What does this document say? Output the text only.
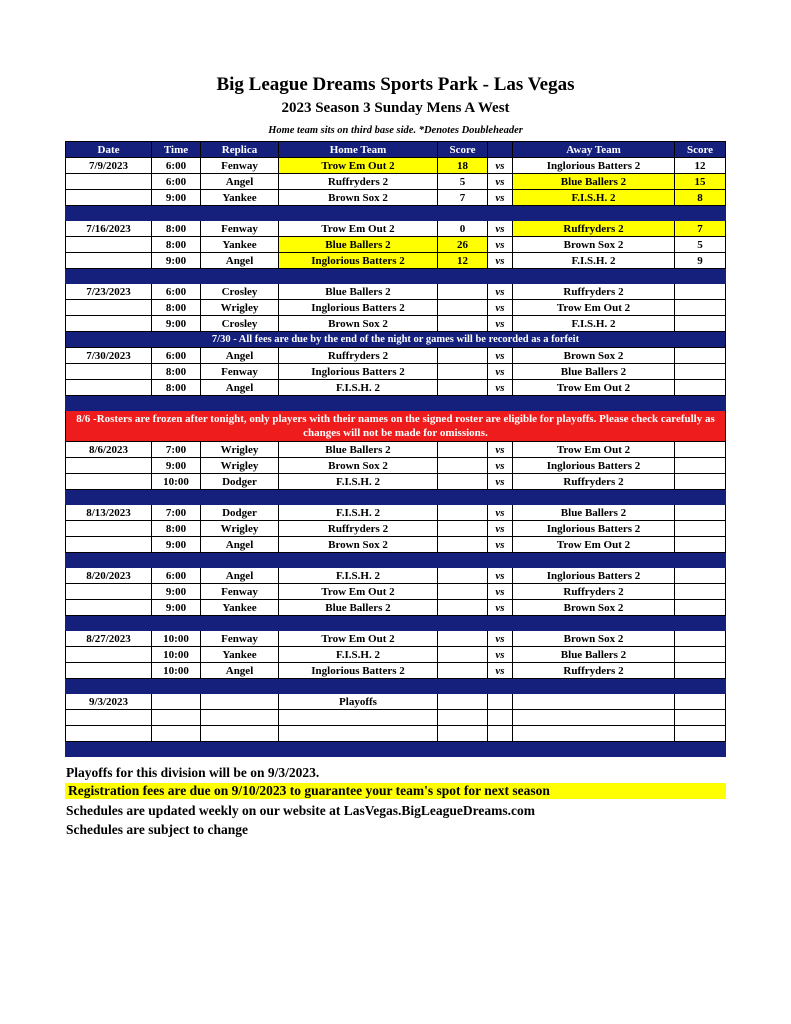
Big League Dreams Sports Park - Las Vegas
2023 Season 3 Sunday Mens A West
Home team sits on third base side. *Denotes Doubleheader
Date	Time	Replica	Home Team	Score		Away Team	Score
7/9/2023	6:00	Fenway	Trow Em Out 2	18	vs	Inglorious Batters 2	12
	6:00	Angel	Ruffryders 2	5	vs	Blue Ballers 2	15
	9:00	Yankee	Brown Sox 2	7	vs	F.I.S.H. 2	8

7/16/2023	8:00	Fenway	Trow Em Out 2	0	vs	Ruffryders 2	7
	8:00	Yankee	Blue Ballers 2	26	vs	Brown Sox 2	5
	9:00	Angel	Inglorious Batters 2	12	vs	F.I.S.H. 2	9

7/23/2023	6:00	Crosley	Blue Ballers 2		vs	Ruffryders 2	
	8:00	Wrigley	Inglorious Batters 2		vs	Trow Em Out 2	
	9:00	Crosley	Brown Sox 2		vs	F.I.S.H. 2	
7/30 - All fees are due by the end of the night or games will be recorded as a forfeit							
7/30/2023	6:00	Angel	Ruffryders 2		vs	Brown Sox 2	
	8:00	Fenway	Inglorious Batters 2		vs	Blue Ballers 2	
	8:00	Angel	F.I.S.H. 2		vs	Trow Em Out 2	

8/6 -Rosters are frozen after tonight, only players with their names on the signed roster are eligible for playoffs. Please check carefully as changes will not be made for omissions.							
8/6/2023	7:00	Wrigley	Blue Ballers 2		vs	Trow Em Out 2	
	9:00	Wrigley	Brown Sox 2		vs	Inglorious Batters 2	
	10:00	Dodger	F.I.S.H. 2		vs	Ruffryders 2	

8/13/2023	7:00	Dodger	F.I.S.H. 2		vs	Blue Ballers 2	
	8:00	Wrigley	Ruffryders 2		vs	Inglorious Batters 2	
	9:00	Angel	Brown Sox 2		vs	Trow Em Out 2	

8/20/2023	6:00	Angel	F.I.S.H. 2		vs	Inglorious Batters 2	
	9:00	Fenway	Trow Em Out 2		vs	Ruffryders 2	
	9:00	Yankee	Blue Ballers 2		vs	Brown Sox 2	

8/27/2023	10:00	Fenway	Trow Em Out 2		vs	Brown Sox 2	
	10:00	Yankee	F.I.S.H. 2		vs	Blue Ballers 2	
	10:00	Angel	Inglorious Batters 2		vs	Ruffryders 2	

9/3/2023			Playoffs				

Playoffs for this division will be on 9/3/2023.
Registration fees are due on 9/10/2023 to guarantee your team's spot for next season
Schedules are updated weekly on our website at LasVegas.BigLeagueDreams.com
Schedules are subject to change
